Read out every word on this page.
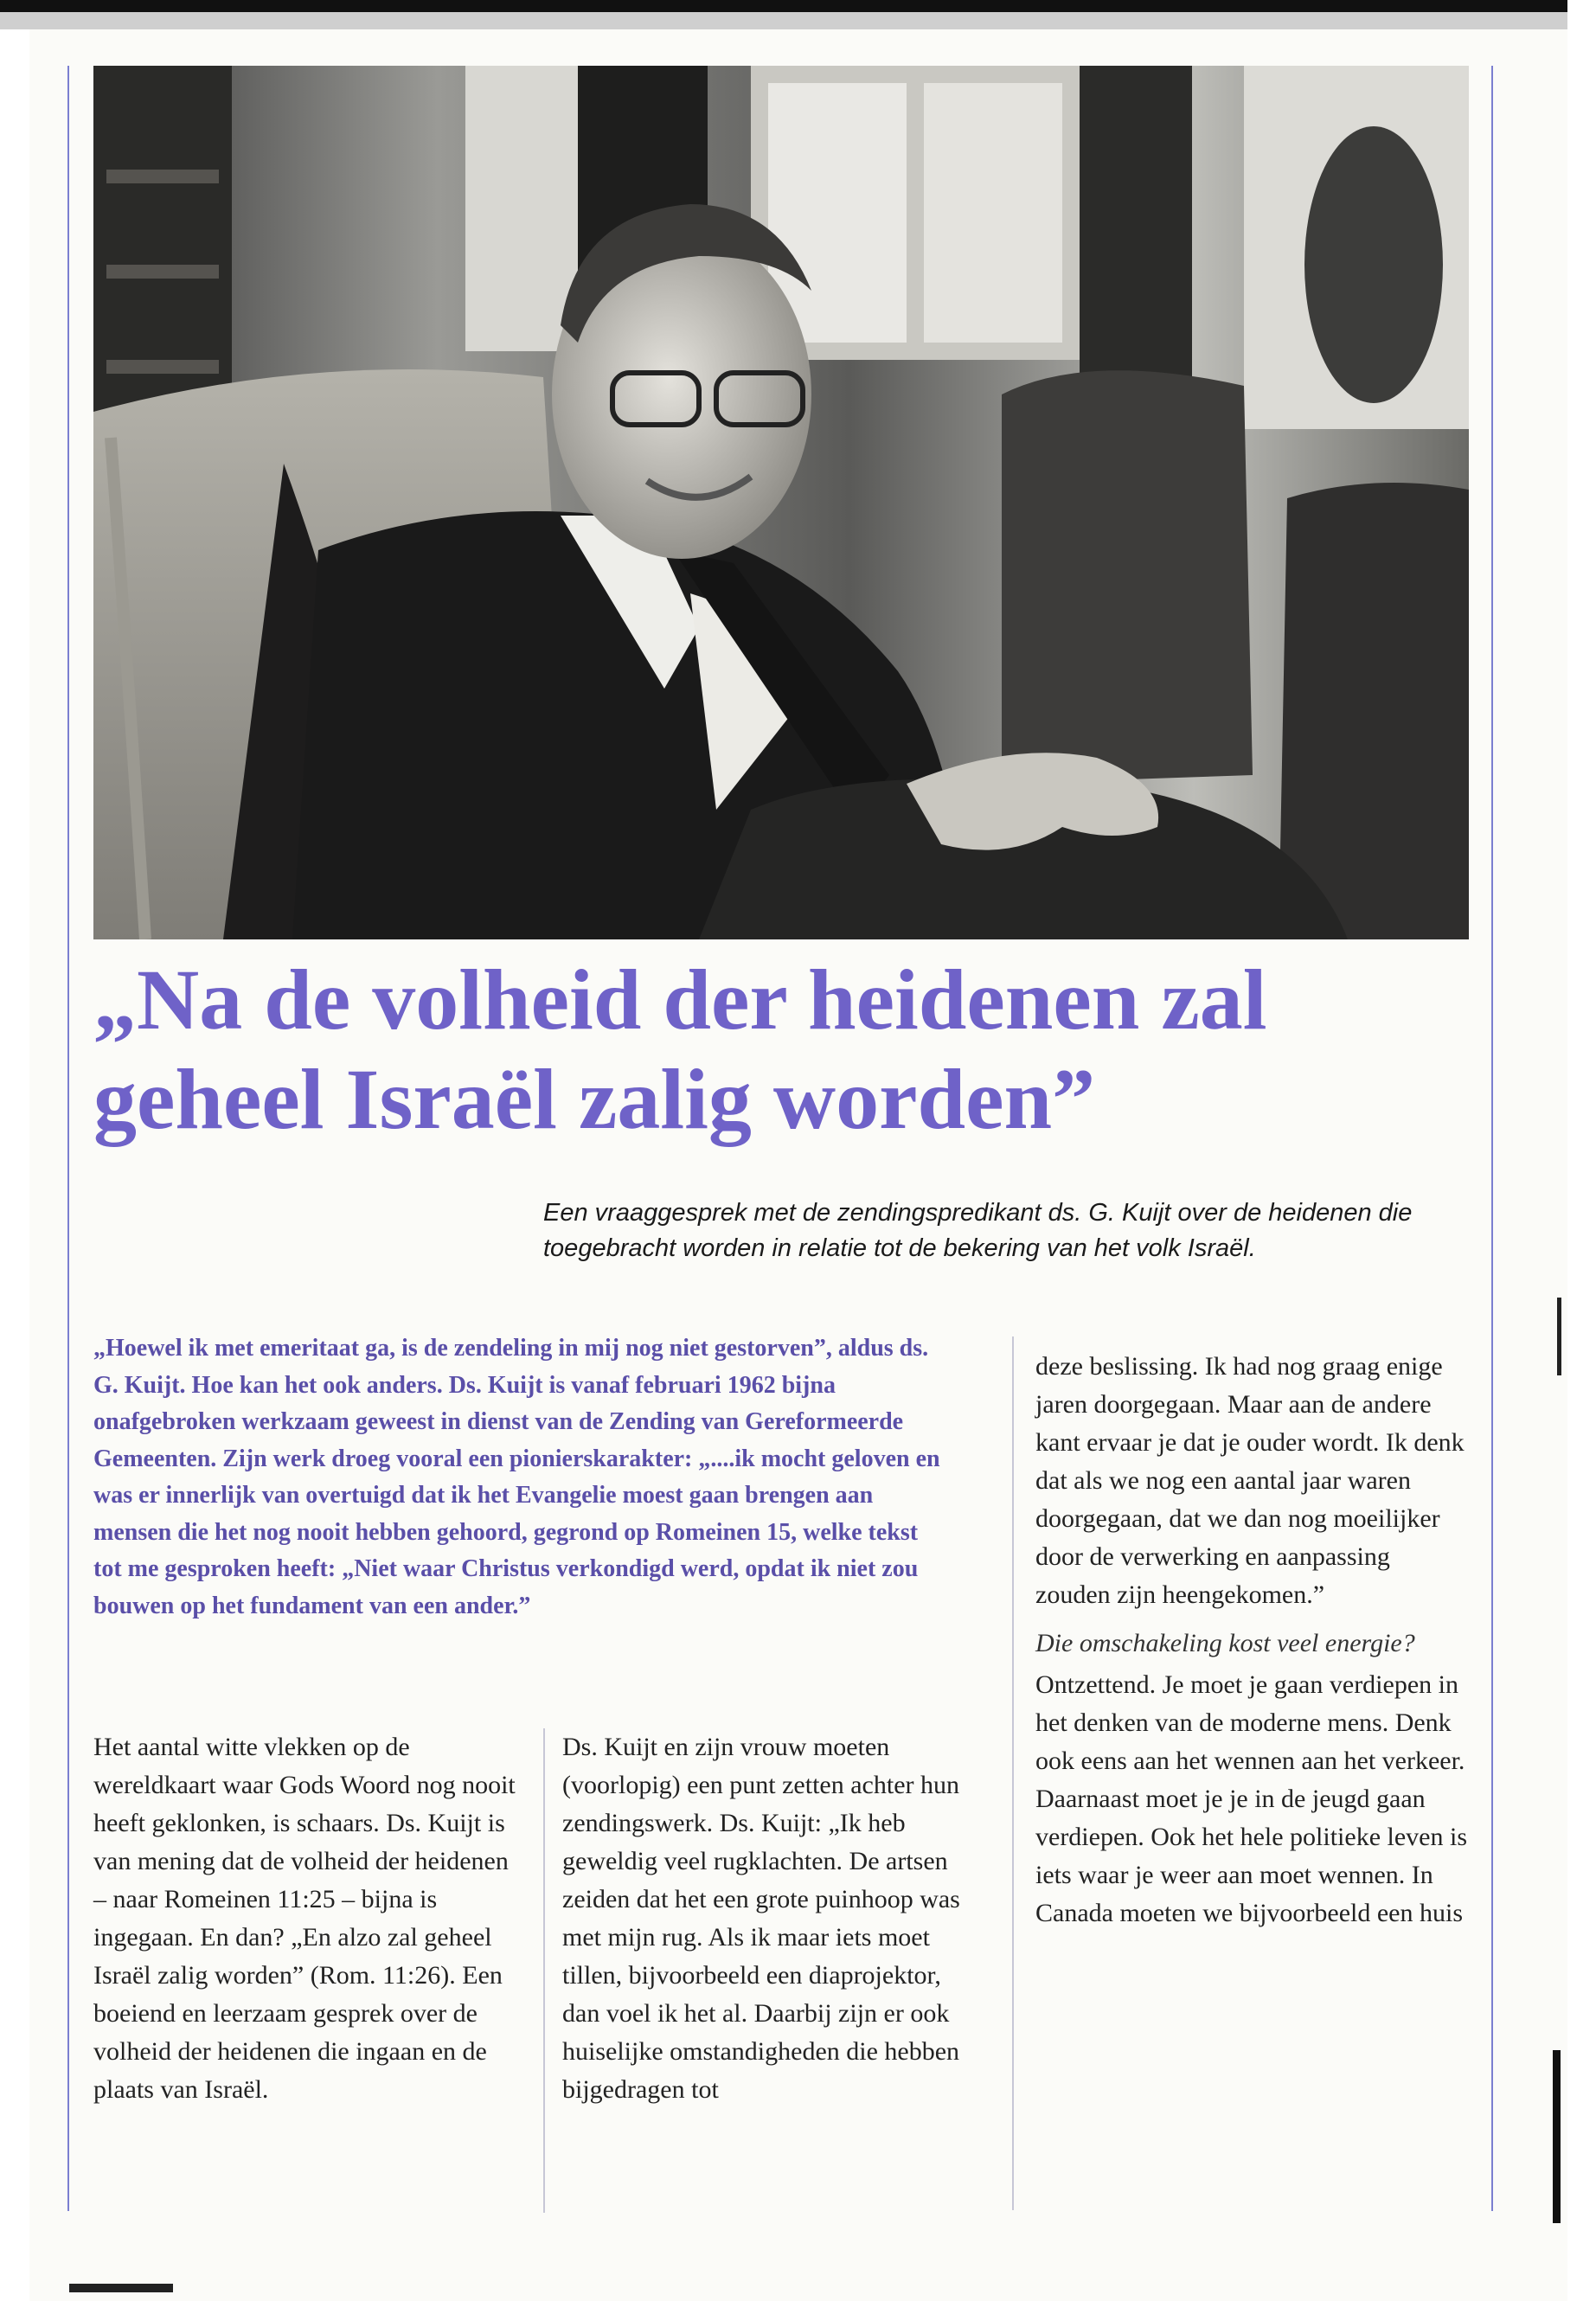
„Na de volheid der heidenen zal
geheel Israël zalig worden”

Een vraaggesprek met de zendingspredikant ds. G. Kuijt over de heidenen die toegebracht worden in relatie tot de bekering van het volk Israël.

„Hoewel ik met emeritaat ga, is de zendeling in mij nog niet gestorven”, aldus ds. G. Kuijt. Hoe kan het ook anders. Ds. Kuijt is vanaf februari 1962 bijna onafgebroken werkzaam geweest in dienst van de Zending van Gereformeerde Gemeenten. Zijn werk droeg vooral een pionierskarakter: „....ik mocht geloven en was er innerlijk van overtuigd dat ik het Evangelie moest gaan brengen aan mensen die het nog nooit hebben gehoord, gegrond op Romeinen 15, welke tekst tot me gesproken heeft: „Niet waar Christus verkondigd werd, opdat ik niet zou bouwen op het fundament van een ander.”

Het aantal witte vlekken op de wereldkaart waar Gods Woord nog nooit heeft geklonken, is schaars. Ds. Kuijt is van mening dat de volheid der heidenen – naar Romeinen 11:25 – bijna is ingegaan. En dan? „En alzo zal geheel Israël zalig worden” (Rom. 11:26). Een boeiend en leerzaam gesprek over de volheid der heidenen die ingaan en de plaats van Israël.

Ds. Kuijt en zijn vrouw moeten (voorlopig) een punt zetten achter hun zendingswerk. Ds. Kuijt: „Ik heb geweldig veel rugklachten. De artsen zeiden dat het een grote puinhoop was met mijn rug. Als ik maar iets moet tillen, bijvoorbeeld een diaprojektor, dan voel ik het al. Daarbij zijn er ook huiselijke omstandigheden die hebben bijgedragen tot

deze beslissing. Ik had nog graag enige jaren doorgegaan. Maar aan de andere kant ervaar je dat je ouder wordt. Ik denk dat als we nog een aantal jaar waren doorgegaan, dat we dan nog moeilijker door de verwerking en aanpassing zouden zijn heengekomen.”
Die omschakeling kost veel energie?
Ontzettend. Je moet je gaan verdiepen in het denken van de moderne mens. Denk ook eens aan het wennen aan het verkeer. Daarnaast moet je je in de jeugd gaan verdiepen. Ook het hele politieke leven is iets waar je weer aan moet wennen. In Canada moeten we bijvoorbeeld een huis
